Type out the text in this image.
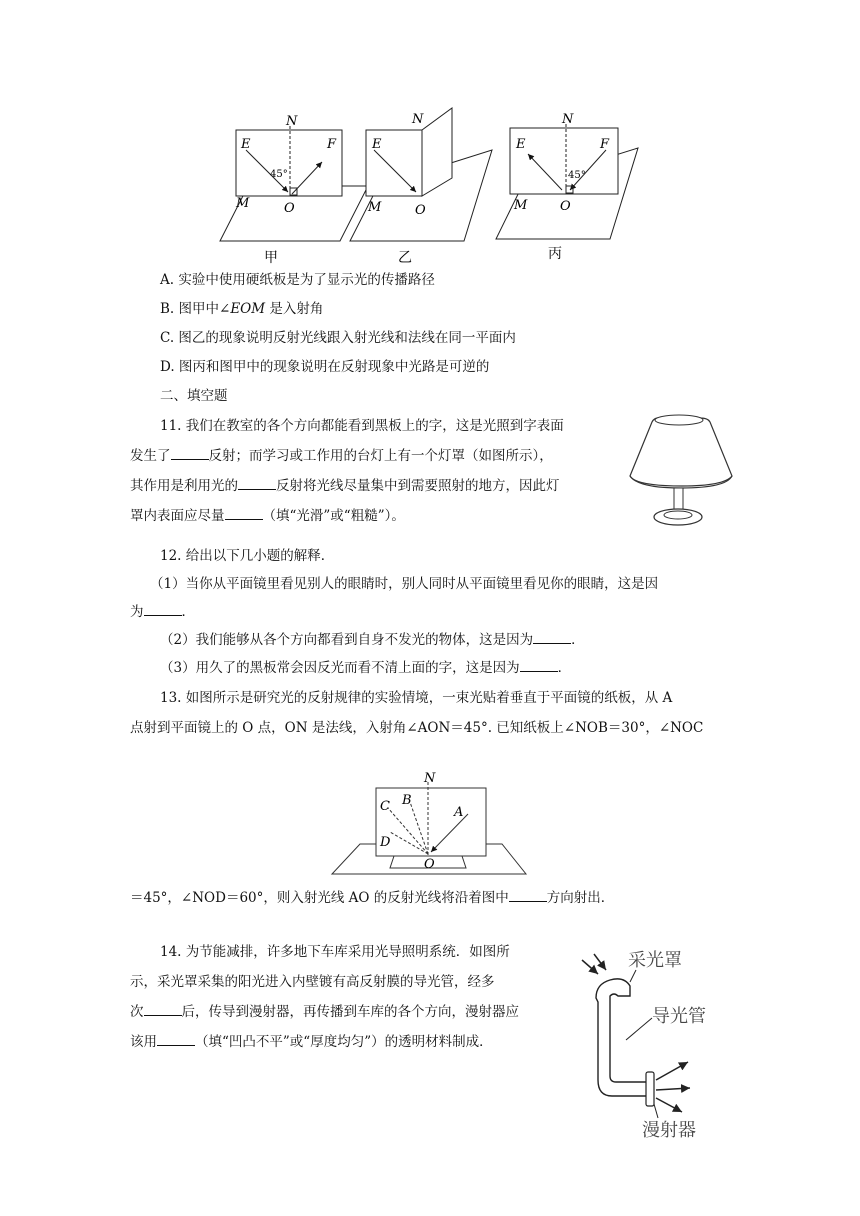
N
E	F
M	O
45°
甲
N
E
M	O
乙
N
E	F
M	O
45°
丙
A. 实验中使用硬纸板是为了显示光的传播路径
B. 图甲中∠EOM 是入射角
C. 图乙的现象说明反射光线跟入射光线和法线在同一平面内
D. 图丙和图甲中的现象说明在反射现象中光路是可逆的
二、填空题
11. 我们在教室的各个方向都能看到黑板上的字，这是光照到字表面
发生了	反射；而学习或工作用的台灯上有一个灯罩（如图所示），
其作用是利用光的	反射将光线尽量集中到需要照射的地方，因此灯
罩内表面应尽量	（填“光滑”或“粗糙”）。
12. 给出以下几小题的解释．
（1）当你从平面镜里看见别人的眼睛时，别人同时从平面镜里看见你的眼睛，这是因
为	．
（2）我们能够从各个方向都看到自身不发光的物体，这是因为	．
（3）用久了的黑板常会因反光而看不清上面的字，这是因为	．
13. 如图所示是研究光的反射规律的实验情境，一束光贴着垂直于平面镜的纸板，从 A
点射到平面镜上的 O 点，ON 是法线，入射角∠AON＝45°. 已知纸板上∠NOB＝30°，∠NOC
N
A
B
C
D
O
＝45°，∠NOD＝60°，则入射光线 AO 的反射光线将沿着图中	方向射出．
14. 为节能减排，许多地下车库采用光导照明系统．如图所
示，采光罩采集的阳光进入内壁镀有高反射膜的导光管，经多
次	后，传导到漫射器，再传播到车库的各个方向，漫射器应
该用	（填“凹凸不平”或“厚度均匀”）的透明材料制成．
采光罩
导光管
漫射器
